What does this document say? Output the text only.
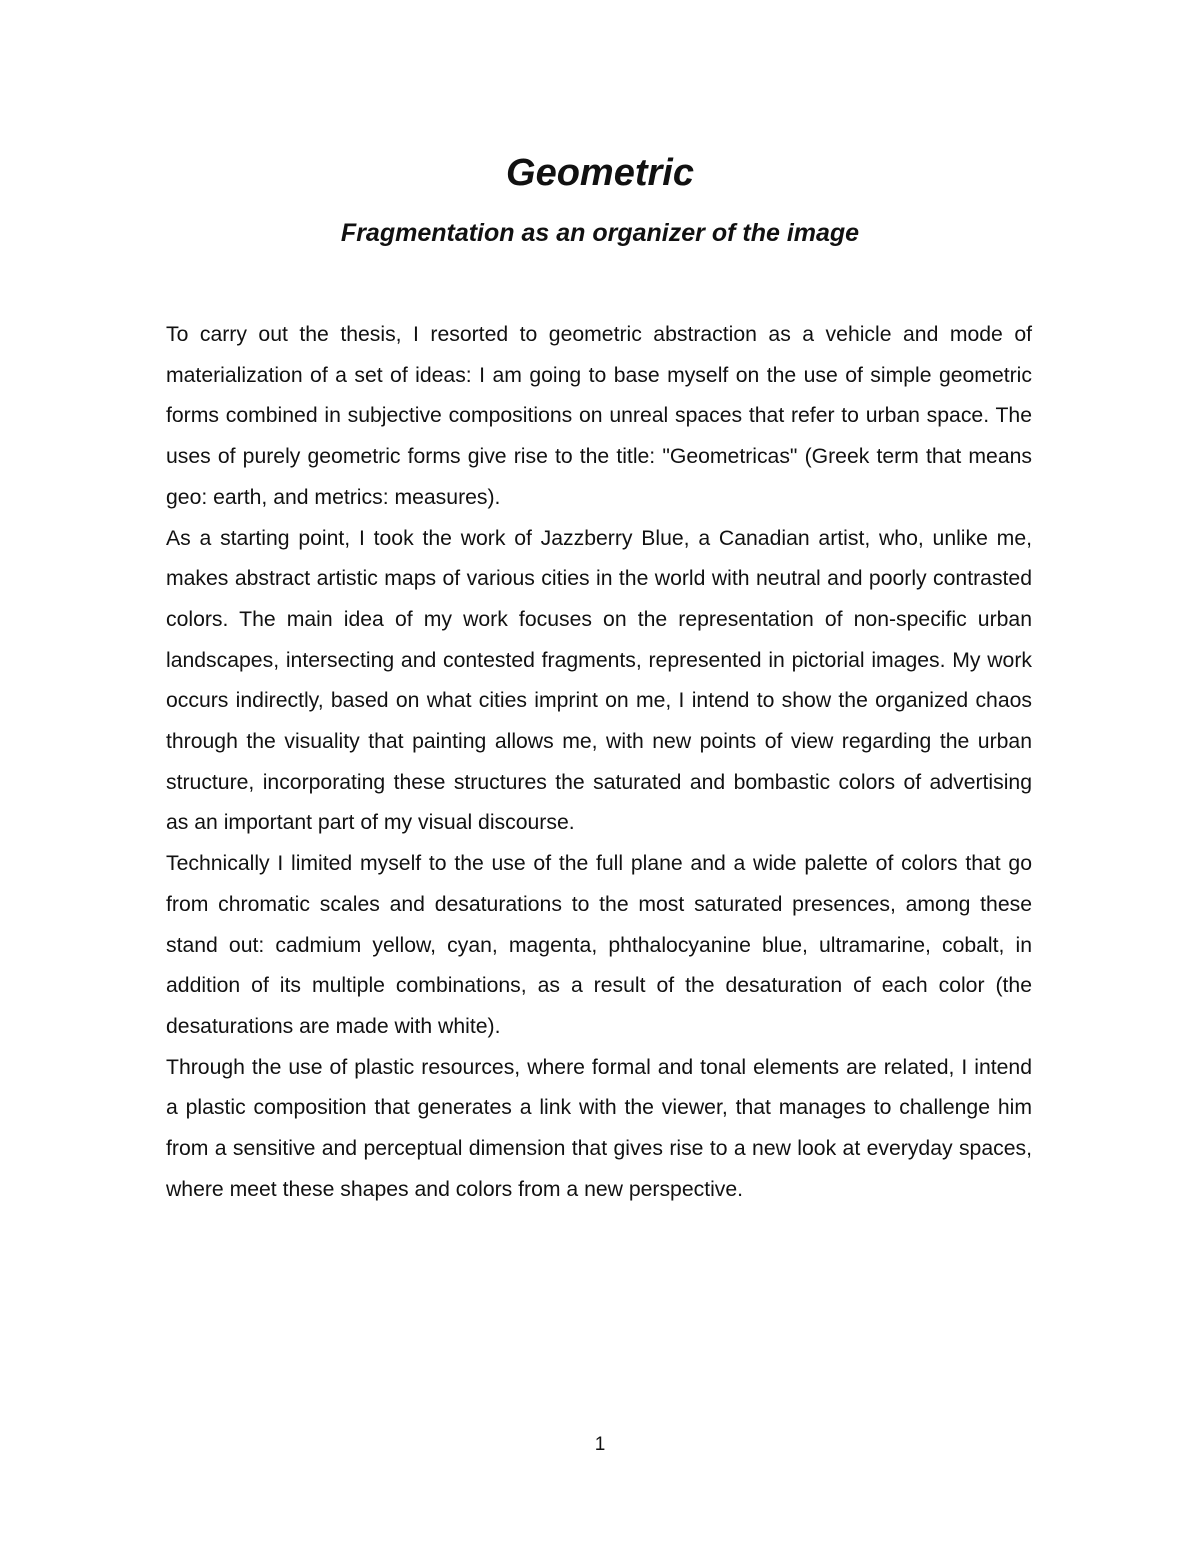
Geometric
Fragmentation as an organizer of the image

To carry out the thesis, I resorted to geometric abstraction as a vehicle and mode of materialization of a set of ideas: I am going to base myself on the use of simple geometric forms combined in subjective compositions on unreal spaces that refer to urban space. The uses of purely geometric forms give rise to the title: "Geometricas" (Greek term that means geo: earth, and metrics: measures).

As a starting point, I took the work of Jazzberry Blue, a Canadian artist, who, unlike me, makes abstract artistic maps of various cities in the world with neutral and poorly contrasted colors. The main idea of my work focuses on the representation of non-specific urban landscapes, intersecting and contested fragments, represented in pictorial images. My work occurs indirectly, based on what cities imprint on me, I intend to show the organized chaos through the visuality that painting allows me, with new points of view regarding the urban structure, incorporating these structures the saturated and bombastic colors of advertising as an important part of my visual discourse.

Technically I limited myself to the use of the full plane and a wide palette of colors that go from chromatic scales and desaturations to the most saturated presences, among these stand out: cadmium yellow, cyan, magenta, phthalocyanine blue, ultramarine, cobalt, in addition of its multiple combinations, as a result of the desaturation of each color (the desaturations are made with white).

Through the use of plastic resources, where formal and tonal elements are related, I intend a plastic composition that generates a link with the viewer, that manages to challenge him from a sensitive and perceptual dimension that gives rise to a new look at everyday spaces, where meet these shapes and colors from a new perspective.

1
